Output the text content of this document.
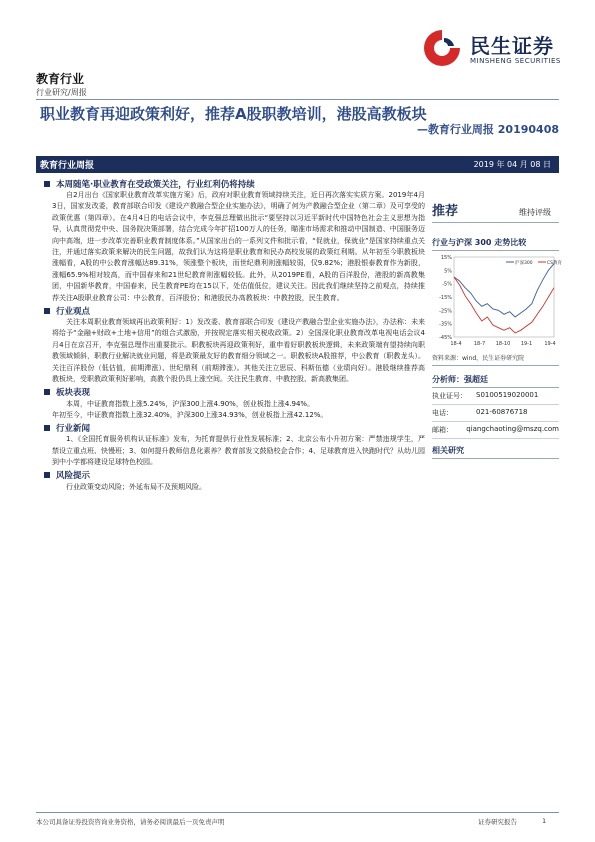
民生证券
MINSHENG SECURITIES
教育行业
行业研究/周报
职业教育再迎政策利好，推荐A股职教培训，港股高教板块
—教育行业周报 20190408
教育行业周报	2019 年 04 月 08 日
本周随笔·职业教育在受政策关注，行业红利仍将持续

自2月出台《国家职业教育改革实施方案》后，政府对职业教育领域持续关注，近日再次落实实质方案。2019年4月3日，国家发改委，教育部联合印发《建设产教融合型企业实施办法》，明确了何为产教融合型企业（第二章）及可享受的政策优惠（第四章）。在4月4日的电话会议中，李克强总理做出批示“要坚持以习近平新时代中国特色社会主义思想为指导，认真贯彻党中央、国务院决策部署，结合完成今年扩招100万人的任务，瞄准市场需求和推动中国制造、中国服务迈向中高端，进一步改革完善职业教育制度体系。”从国家出台的一系列文件和批示看，“促就业，保就业”是国家持续重点关注，并通过落实政策来解决的民生问题，故我们认为这将是职业教育和民办高校发展的政策红利期。从年初至今职教板块涨幅看，A股的中公教育涨幅达89.31%，领涨整个板块，而世纪鼎利则涨幅较弱，仅9.82%；港股银泰教育作为新股，涨幅65.9%相对较高，而中国春来和21世纪教育则涨幅较低。此外，从2019PE看，A股的百洋股份，港股的新高教集团，中国新华教育，中国春来，民生教育PE均在15以下，处估值低位，建议关注。因此我们继续坚持之前观点，持续推荐关注A股职业教育公司：中公教育，百洋股份；和港股民办高教板块：中教控股，民生教育。

行业观点

关注本周职业教育领域再出政策利好：1）发改委、教育部联合印发《建设产教融合型企业实施办法》，办法称：未来将给予“金融+财政+土地+信用”的组合式激励，并按规定落实相关税收政策。2）全国深化职业教育改革电视电话会议4月4日在京召开，李克强总理作出重要批示。职教板块再迎政策利好，重申看好职教板块逻辑，未来政策端有望持续向职教领域倾斜，职教行业解决就业问题，将是政策最友好的教育细分领域之一。职教板块A股推荐，中公教育（职教龙头）。关注百洋股份（低估值，前期滞涨）、世纪鼎利（前期滞涨）。其他关注立思辰、科斯伍德（业绩向好）。港股继续推荐高教板块，受职教政策利好影响，高教个股仍具上涨空间。关注民生教育、中教控股、新高教集团。

板块表现

本周，中证教育指数上涨5.24%，沪深300上涨4.90%，创业板指上涨4.94%。

年初至今，中证教育指数上涨32.40%，沪深300上涨34.93%，创业板指上涨42.12%。

行业新闻

1、《全国托育服务机构认证标准》发布，为托育提供行业性发展标准；2、北京公布小升初方案：严禁违规学生，严禁设立重点班、快慢班；3、如何提升教师信息化素养？教育部发文鼓励校企合作；4、足球教育进入快跑时代？从幼儿园到中小学都将建设足球特色校园。

风险提示

行业政策变动风险；外延布局不及预期风险。

推荐	维持评级
行业与沪深 300 走势比较
15%
5%
-5%
-15%
-25%
-35%
-45%
18-4 18-7 18-10 19-1 19-4
沪深300	CS教育
资料来源：wind，民生证券研究院
分析师：强超廷
执业证号：	S0100519020001
电话：	021-60876718
邮箱：	qiangchaoting@mszq.com
相关研究
本公司具备证券投资咨询业务资格，请务必阅读最后一页免责声明	证券研究报告	1
